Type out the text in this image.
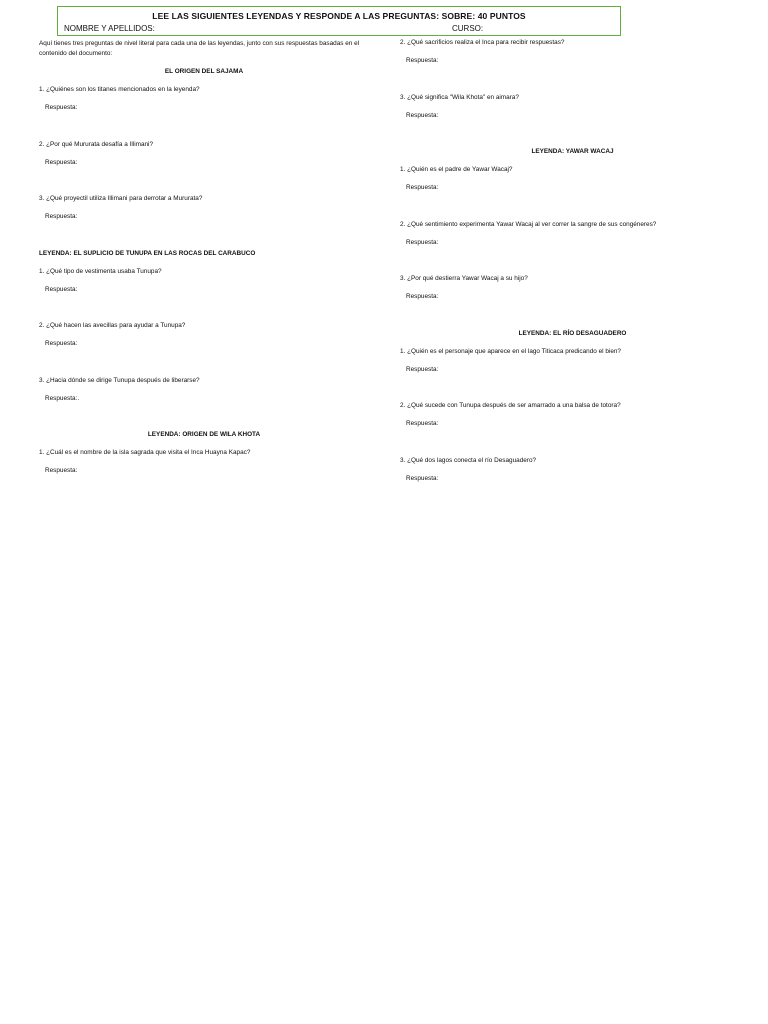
LEE LAS SIGUIENTES LEYENDAS Y RESPONDE A LAS PREGUNTAS: SOBRE: 40 PUNTOS
NOMBRE Y APELLIDOS:	CURSO:
Aquí tienes tres preguntas de nivel literal para cada una de las leyendas, junto con sus respuestas basadas en el contenido del documento:
EL ORIGEN DEL SAJAMA
1. ¿Quiénes son los titanes mencionados en la leyenda?
Respuesta:
2. ¿Por qué Mururata desafía a Illimani?
Respuesta:
3. ¿Qué proyectil utiliza Illimani para derrotar a Mururata?
Respuesta:
LEYENDA: EL SUPLICIO DE TUNUPA EN LAS ROCAS DEL CARABUCO
1. ¿Qué tipo de vestimenta usaba Tunupa?
Respuesta:
2. ¿Qué hacen las avecillas para ayudar a Tunupa?
Respuesta:
3. ¿Hacia dónde se dirige Tunupa después de liberarse?
Respuesta:.
LEYENDA: ORIGEN DE WILA KHOTA
1. ¿Cuál es el nombre de la isla sagrada que visita el Inca Huayna Kapac?
Respuesta:
2. ¿Qué sacrificios realiza el Inca para recibir respuestas?
Respuesta:
3. ¿Qué significa "Wila Khota" en aimara?
Respuesta:
LEYENDA: YAWAR WACAJ
1. ¿Quién es el padre de Yawar Wacaj?
Respuesta:
2. ¿Qué sentimiento experimenta Yawar Wacaj al ver correr la sangre de sus congéneres?
Respuesta:
3. ¿Por qué destierra Yawar Wacaj a su hijo?
Respuesta:
LEYENDA: EL RÍO DESAGUADERO
1. ¿Quién es el personaje que aparece en el lago Titicaca predicando el bien?
Respuesta:
2. ¿Qué sucede con Tunupa después de ser amarrado a una balsa de totora?
Respuesta:
3. ¿Qué dos lagos conecta el río Desaguadero?
Respuesta:
